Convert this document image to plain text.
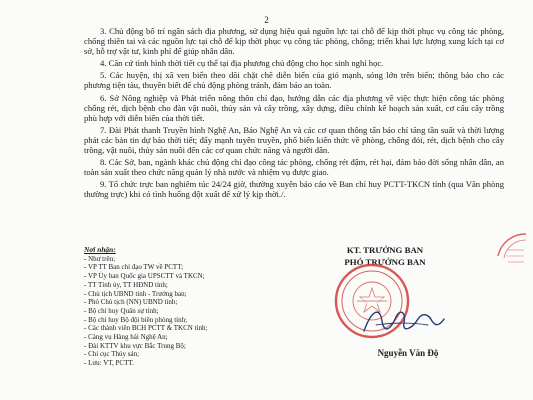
2

3. Chủ động bố trí ngân sách địa phương, sử dụng hiệu quả nguồn lực tại chỗ để kịp thời phục vụ công tác phòng, chống thiên tai và các nguồn lực tại chỗ để kịp thời phục vụ công tác phòng, chống; triển khai lực lượng xung kích tại cơ sở, hỗ trợ vật tư, kinh phí để giúp nhân dân.

4. Căn cứ tình hình thời tiết cụ thể tại địa phương chủ động cho học sinh nghỉ học.

5. Các huyện, thị xã ven biển theo dõi chặt chẽ diễn biến của gió mạnh, sóng lớn trên biển; thông báo cho các phương tiện tàu, thuyền biết để chủ động phòng tránh, đảm bảo an toàn.

6. Sở Nông nghiệp và Phát triển nông thôn chỉ đạo, hướng dẫn các địa phương về việc thực hiện công tác phòng chống rét, dịch bệnh cho đàn vật nuôi, thủy sản và cây trồng, xây dựng, điều chỉnh kế hoạch sản xuất, cơ cấu cây trồng phù hợp với diễn biến của thời tiết.

7. Đài Phát thanh Truyền hình Nghệ An, Báo Nghệ An và các cơ quan thông tấn báo chí tăng tần suất và thời lượng phát các bản tin dự báo thời tiết; đẩy mạnh tuyên truyền, phổ biến kiến thức về phòng, chống đói, rét, dịch bệnh cho cây trồng, vật nuôi, thủy sản nuôi đến các cơ quan chức năng và người dân.

8. Các Sở, ban, ngành khác chủ động chỉ đạo công tác phòng, chống rét đậm, rét hại, đảm bảo đời sống nhân dân, an toàn sản xuất theo chức năng quản lý nhà nước và nhiệm vụ được giao.

9. Tổ chức trực ban nghiêm túc 24/24 giờ, thường xuyên báo cáo về Ban chỉ huy PCTT-TKCN tỉnh (qua Văn phòng thường trực) khi có tình huống đột xuất để xử lý kịp thời./.

Nơi nhận:
- Như trên;
- VP TT Ban chỉ đạo TW về PCTT;
- VP Ủy ban Quốc gia UPSCTT và TKCN;
- TT Tỉnh ủy, TT HĐND tỉnh;
- Chủ tịch UBND tỉnh - Trưởng ban;
- Phó Chủ tịch (NN) UBND tỉnh;
- Bộ chỉ huy Quân sự tỉnh;
- Bộ chỉ huy Bộ đội biên phòng tỉnh;
- Các thành viên BCH PCTT & TKCN tỉnh;
- Cảng vụ Hàng hải Nghệ An;
- Đài KTTV khu vực Bắc Trung Bộ;
- Chi cục Thủy sản;
- Lưu: VT, PCTT.
KT. TRƯỞNG BAN
PHÓ TRƯỞNG BAN
Nguyễn Văn Độ
